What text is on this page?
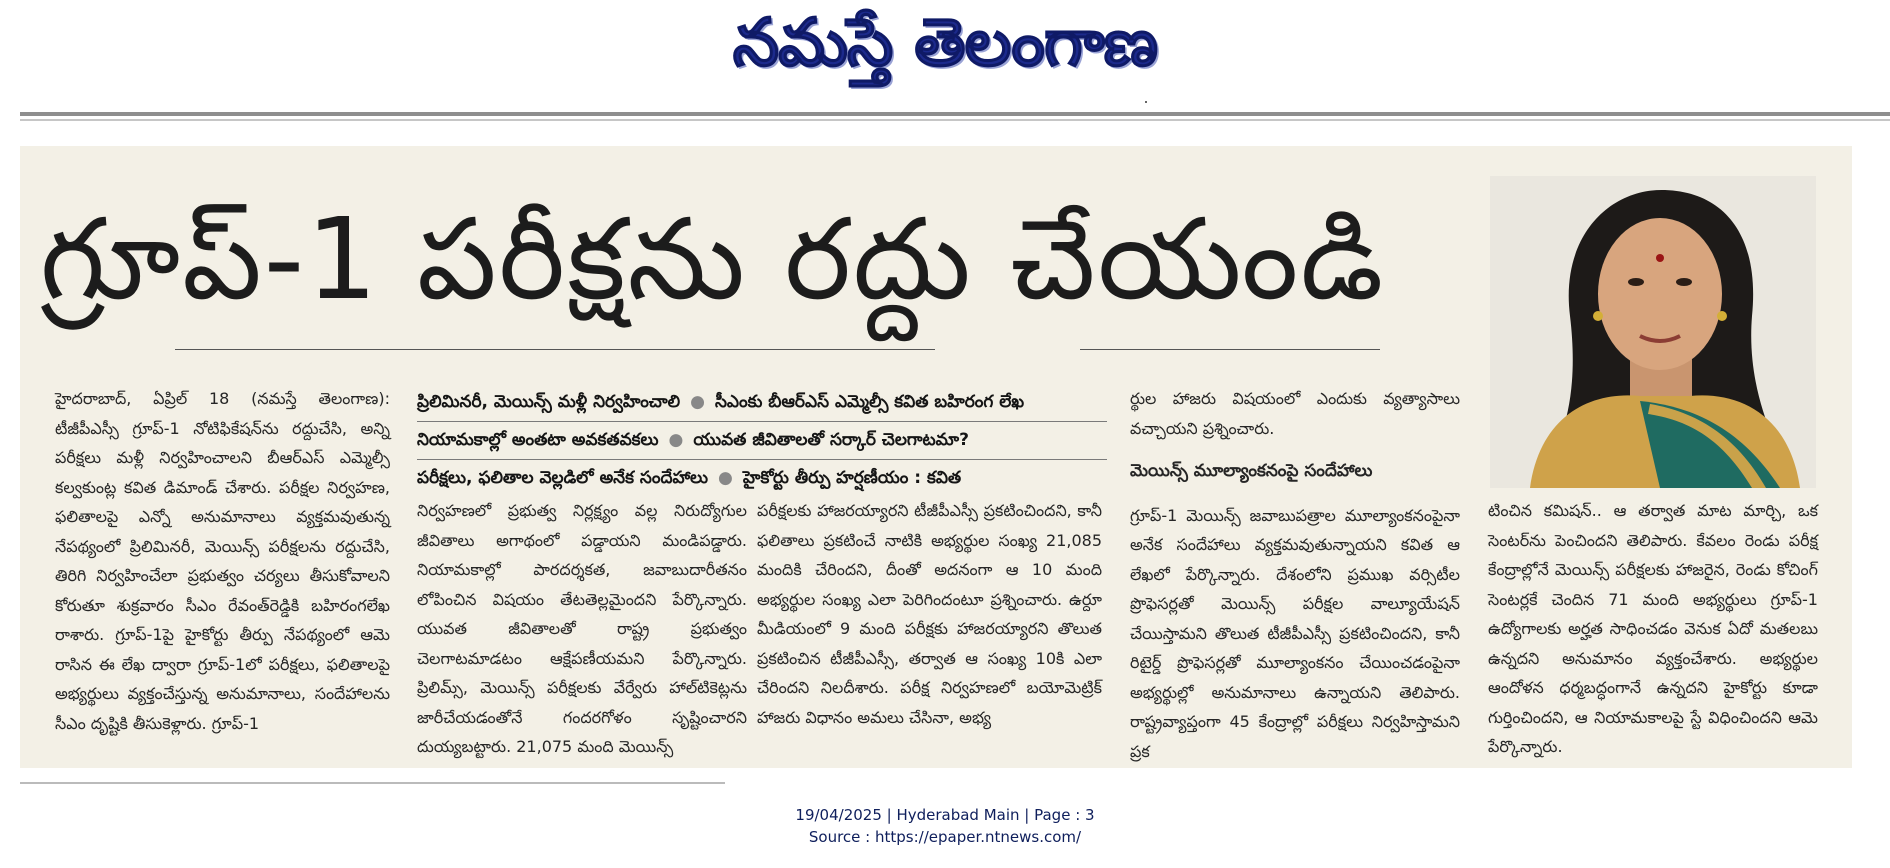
నమస్తే తెలంగాణ
గ్రూప్-1 పరీక్షను రద్దు చేయండి

హైదరాబాద్, ఏప్రిల్ 18 (నమస్తే తెలంగాణ): టీజీపీఎస్సీ గ్రూప్-1 నోటిఫికేషన్‌ను రద్దుచేసి, అన్ని పరీక్షలు మళ్లీ నిర్వహించాలని బీఆర్ఎస్ ఎమ్మెల్సీ కల్వకుంట్ల కవిత డిమాండ్ చేశారు. పరీక్షల నిర్వహణ, ఫలితాలపై ఎన్నో అనుమానాలు వ్యక్తమవుతున్న నేపథ్యంలో ప్రిలిమినరీ, మెయిన్స్ పరీక్షలను రద్దుచేసి, తిరిగి నిర్వహించేలా ప్రభుత్వం చర్యలు తీసుకోవాలని కోరుతూ శుక్రవారం సీఎం రేవంత్‌రెడ్డికి బహిరంగలేఖ రాశారు. గ్రూప్-1పై హైకోర్టు తీర్పు నేపథ్యంలో ఆమె రాసిన ఈ లేఖ ద్వారా గ్రూప్-1లో పరీక్షలు, ఫలితాలపై అభ్యర్థులు వ్యక్తంచేస్తున్న అనుమానాలు, సందేహాలను సీఎం దృష్టికి తీసుకెళ్లారు. గ్రూప్-1

ప్రిలిమినరీ, మెయిన్స్ మళ్లీ నిర్వహించాలి ● సీఎంకు బీఆర్ఎస్ ఎమ్మెల్సీ కవిత బహిరంగ లేఖ
నియామకాల్లో అంతటా అవకతవకలు ● యువత జీవితాలతో సర్కార్ చెలగాటమా?
పరీక్షలు, ఫలితాల వెల్లడిలో అనేక సందేహాలు ● హైకోర్టు తీర్పు హర్షణీయం : కవిత

నిర్వహణలో ప్రభుత్వ నిర్లక్ష్యం వల్ల నిరుద్యోగుల జీవితాలు అగాథంలో పడ్డాయని మండిపడ్డారు. నియామకాల్లో పారదర్శకత, జవాబుదారీతనం లోపించిన విషయం తేటతెల్లమైందని పేర్కొన్నారు. యువత జీవితాలతో రాష్ట్ర ప్రభుత్వం చెలగాటమాడటం ఆక్షేపణీయమని పేర్కొన్నారు. ప్రిలిమ్స్, మెయిన్స్ పరీక్షలకు వేర్వేరు హాల్‌టికెట్లను జారీచేయడంతోనే గందరగోళం సృష్టించారని దుయ్యబట్టారు. 21,075 మంది మెయిన్స్

పరీక్షలకు హాజరయ్యారని టీజీపీఎస్సీ ప్రకటించిందని, కానీ ఫలితాలు ప్రకటించే నాటికి అభ్యర్థుల సంఖ్య 21,085 మందికి చేరిందని, దీంతో అదనంగా ఆ 10 మంది అభ్యర్థుల సంఖ్య ఎలా పెరిగిందంటూ ప్రశ్నించారు. ఉర్దూ మీడియంలో 9 మంది పరీక్షకు హాజరయ్యారని తొలుత ప్రకటించిన టీజీపీఎస్సీ, తర్వాత ఆ సంఖ్య 10కి ఎలా చేరిందని నిలదీశారు. పరీక్ష నిర్వహణలో బయోమెట్రిక్ హాజరు విధానం అమలు చేసినా, అభ్య

ర్థుల హాజరు విషయంలో ఎందుకు వ్యత్యాసాలు వచ్చాయని ప్రశ్నించారు.

మెయిన్స్ మూల్యాంకనంపై సందేహాలు

గ్రూప్-1 మెయిన్స్ జవాబుపత్రాల మూల్యాంకనంపైనా అనేక సందేహాలు వ్యక్తమవుతున్నాయని కవిత ఆ లేఖలో పేర్కొన్నారు. దేశంలోని ప్రముఖ వర్సిటీల ప్రొఫెసర్లతో మెయిన్స్ పరీక్షల వాల్యూయేషన్ చేయిస్తామని తొలుత టీజీపీఎస్సీ ప్రకటించిందని, కానీ రిటైర్డ్ ప్రొఫెసర్లతో మూల్యాంకనం చేయించడంపైనా అభ్యర్థుల్లో అనుమానాలు ఉన్నాయని తెలిపారు. రాష్ట్రవ్యాప్తంగా 45 కేంద్రాల్లో పరీక్షలు నిర్వహిస్తామని ప్రక

టించిన కమిషన్.. ఆ తర్వాత మాట మార్చి, ఒక సెంటర్‌ను పెంచిందని తెలిపారు. కేవలం రెండు పరీక్ష కేంద్రాల్లోనే మెయిన్స్ పరీక్షలకు హాజరైన, రెండు కోచింగ్ సెంటర్లకే చెందిన 71 మంది అభ్యర్థులు గ్రూప్-1 ఉద్యోగాలకు అర్హత సాధించడం వెనుక ఏదో మతలబు ఉన్నదని అనుమానం వ్యక్తంచేశారు. అభ్యర్థుల ఆందోళన ధర్మబద్ధంగానే ఉన్నదని హైకోర్టు కూడా గుర్తించిందని, ఆ నియామకాలపై స్టే విధించిందని ఆమె పేర్కొన్నారు.

19/04/2025 | Hyderabad Main | Page : 3
Source : https://epaper.ntnews.com/
